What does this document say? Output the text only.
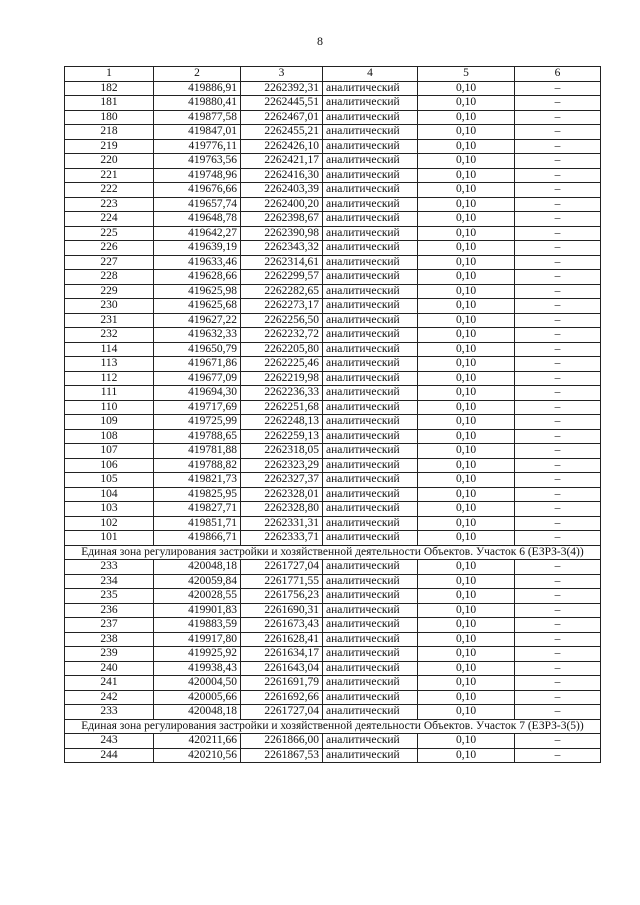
8
1	2	3	4	5	6
182	419886,91	2262392,31	аналитический	0,10	–
181	419880,41	2262445,51	аналитический	0,10	–
180	419877,58	2262467,01	аналитический	0,10	–
218	419847,01	2262455,21	аналитический	0,10	–
219	419776,11	2262426,10	аналитический	0,10	–
220	419763,56	2262421,17	аналитический	0,10	–
221	419748,96	2262416,30	аналитический	0,10	–
222	419676,66	2262403,39	аналитический	0,10	–
223	419657,74	2262400,20	аналитический	0,10	–
224	419648,78	2262398,67	аналитический	0,10	–
225	419642,27	2262390,98	аналитический	0,10	–
226	419639,19	2262343,32	аналитический	0,10	–
227	419633,46	2262314,61	аналитический	0,10	–
228	419628,66	2262299,57	аналитический	0,10	–
229	419625,98	2262282,65	аналитический	0,10	–
230	419625,68	2262273,17	аналитический	0,10	–
231	419627,22	2262256,50	аналитический	0,10	–
232	419632,33	2262232,72	аналитический	0,10	–
114	419650,79	2262205,80	аналитический	0,10	–
113	419671,86	2262225,46	аналитический	0,10	–
112	419677,09	2262219,98	аналитический	0,10	–
111	419694,30	2262236,33	аналитический	0,10	–
110	419717,69	2262251,68	аналитический	0,10	–
109	419725,99	2262248,13	аналитический	0,10	–
108	419788,65	2262259,13	аналитический	0,10	–
107	419781,88	2262318,05	аналитический	0,10	–
106	419788,82	2262323,29	аналитический	0,10	–
105	419821,73	2262327,37	аналитический	0,10	–
104	419825,95	2262328,01	аналитический	0,10	–
103	419827,71	2262328,80	аналитический	0,10	–
102	419851,71	2262331,31	аналитический	0,10	–
101	419866,71	2262333,71	аналитический	0,10	–
Единая зона регулирования застройки и хозяйственной деятельности Объектов. Участок 6 (ЕЗРЗ-3(4))					
233	420048,18	2261727,04	аналитический	0,10	–
234	420059,84	2261771,55	аналитический	0,10	–
235	420028,55	2261756,23	аналитический	0,10	–
236	419901,83	2261690,31	аналитический	0,10	–
237	419883,59	2261673,43	аналитический	0,10	–
238	419917,80	2261628,41	аналитический	0,10	–
239	419925,92	2261634,17	аналитический	0,10	–
240	419938,43	2261643,04	аналитический	0,10	–
241	420004,50	2261691,79	аналитический	0,10	–
242	420005,66	2261692,66	аналитический	0,10	–
233	420048,18	2261727,04	аналитический	0,10	–
Единая зона регулирования застройки и хозяйственной деятельности Объектов. Участок 7 (ЕЗРЗ-3(5))					
243	420211,66	2261866,00	аналитический	0,10	–
244	420210,56	2261867,53	аналитический	0,10	–
